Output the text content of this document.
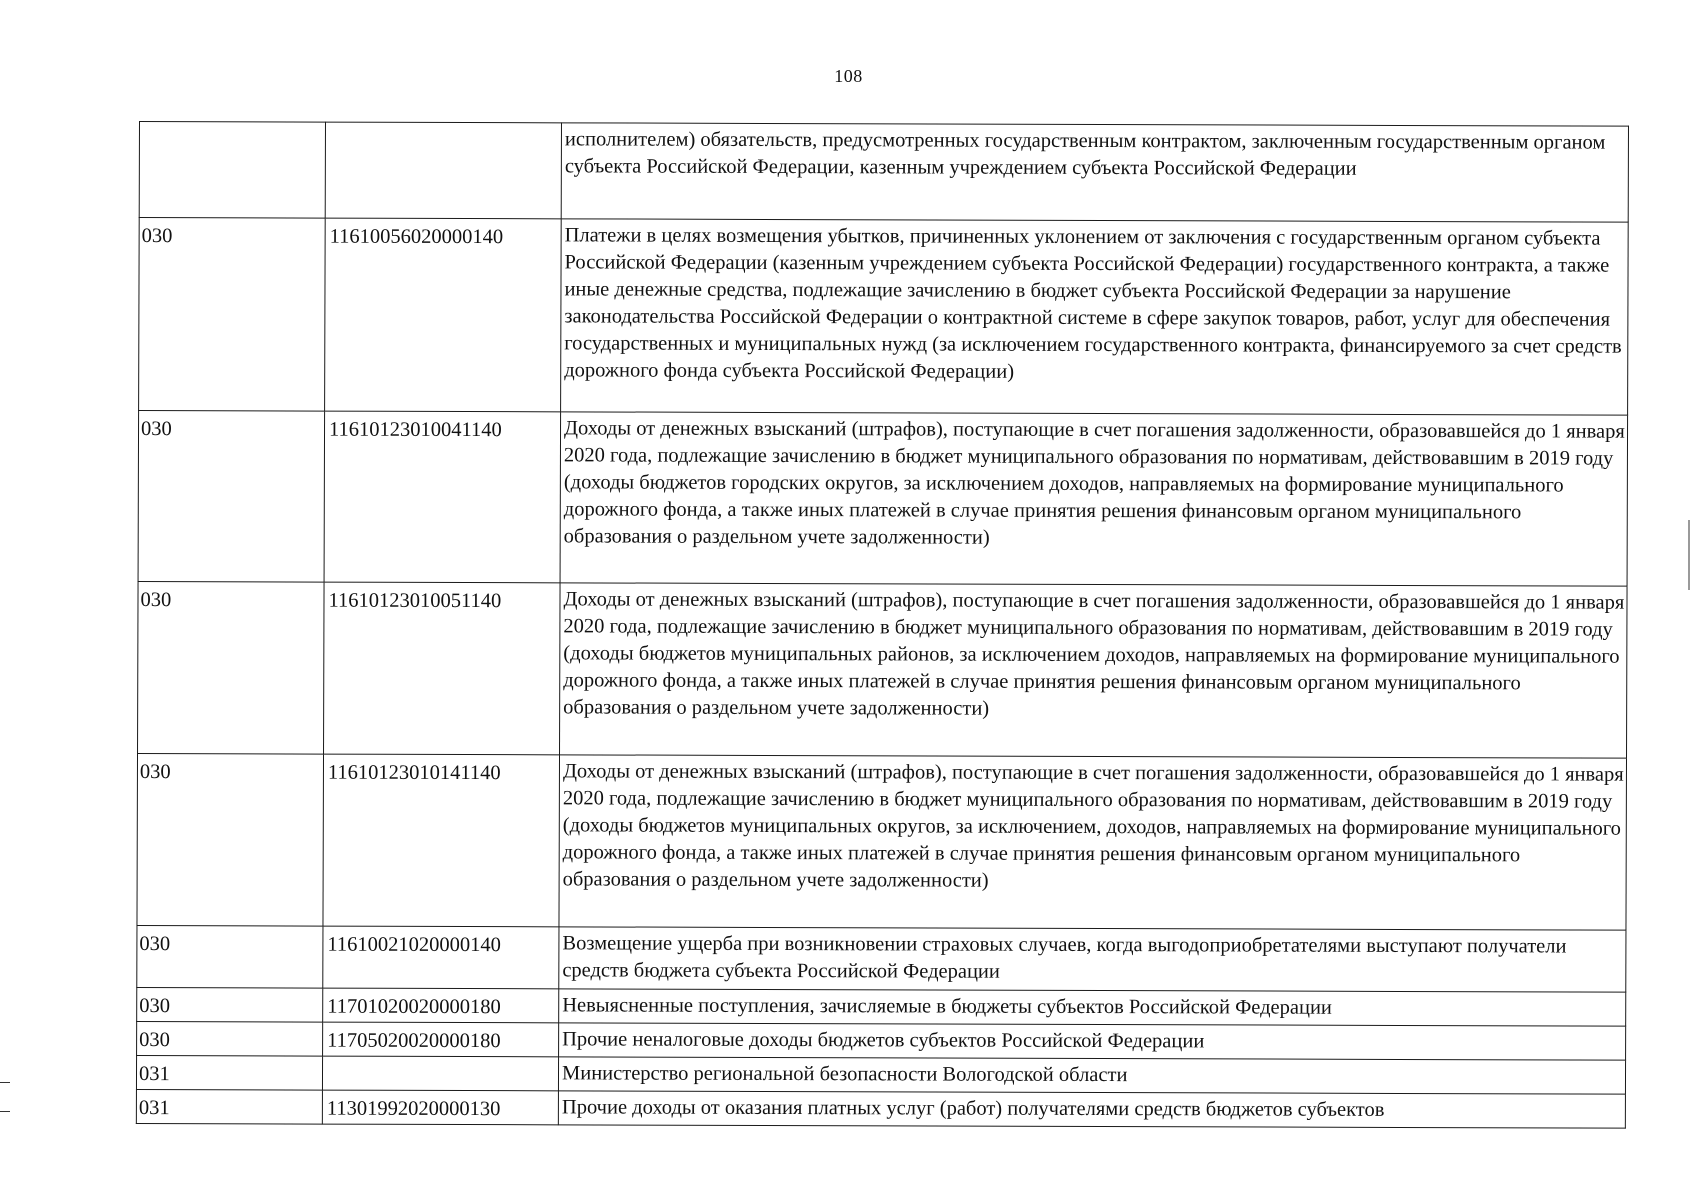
108
		исполнителем) обязательств, предусмотренных государственным контрактом, заключенным государственным органом субъекта Российской Федерации, казенным учреждением субъекта Российской Федерации
030	11610056020000140	Платежи в целях возмещения убытков, причиненных уклонением от заключения с государственным органом субъекта Российской Федерации (казенным учреждением субъекта Российской Федерации) государственного контракта, а также иные денежные средства, подлежащие зачислению в бюджет субъекта Российской Федерации за нарушение законодательства Российской Федерации о контрактной системе в сфере закупок товаров, работ, услуг для обеспечения государственных и муниципальных нужд (за исключением государственного контракта, финансируемого за счет средств дорожного фонда субъекта Российской Федерации)
030	11610123010041140	Доходы от денежных взысканий (штрафов), поступающие в счет погашения задолженности, образовавшейся до 1 января 2020 года, подлежащие зачислению в бюджет муниципального образования по нормативам, действовавшим в 2019 году (доходы бюджетов городских округов, за исключением доходов, направляемых на формирование муниципального дорожного фонда, а также иных платежей в случае принятия решения финансовым органом муниципального образования о раздельном учете задолженности)
030	11610123010051140	Доходы от денежных взысканий (штрафов), поступающие в счет погашения задолженности, образовавшейся до 1 января 2020 года, подлежащие зачислению в бюджет муниципального образования по нормативам, действовавшим в 2019 году (доходы бюджетов муниципальных районов, за исключением доходов, направляемых на формирование муниципального дорожного фонда, а также иных платежей в случае принятия решения финансовым органом муниципального образования о раздельном учете задолженности)
030	11610123010141140	Доходы от денежных взысканий (штрафов), поступающие в счет погашения задолженности, образовавшейся до 1 января 2020 года, подлежащие зачислению в бюджет муниципального образования по нормативам, действовавшим в 2019 году (доходы бюджетов муниципальных округов, за исключением, доходов, направляемых на формирование муниципального дорожного фонда, а также иных платежей в случае принятия решения финансовым органом муниципального образования о раздельном учете задолженности)
030	11610021020000140	Возмещение ущерба при возникновении страховых случаев, когда выгодоприобретателями выступают получатели средств бюджета субъекта Российской Федерации
030	11701020020000180	Невыясненные поступления, зачисляемые в бюджеты субъектов Российской Федерации
030	11705020020000180	Прочие неналоговые доходы бюджетов субъектов Российской Федерации
031		Министерство региональной безопасности Вологодской области
031	11301992020000130	Прочие доходы от оказания платных услуг (работ) получателями средств бюджетов субъектов
